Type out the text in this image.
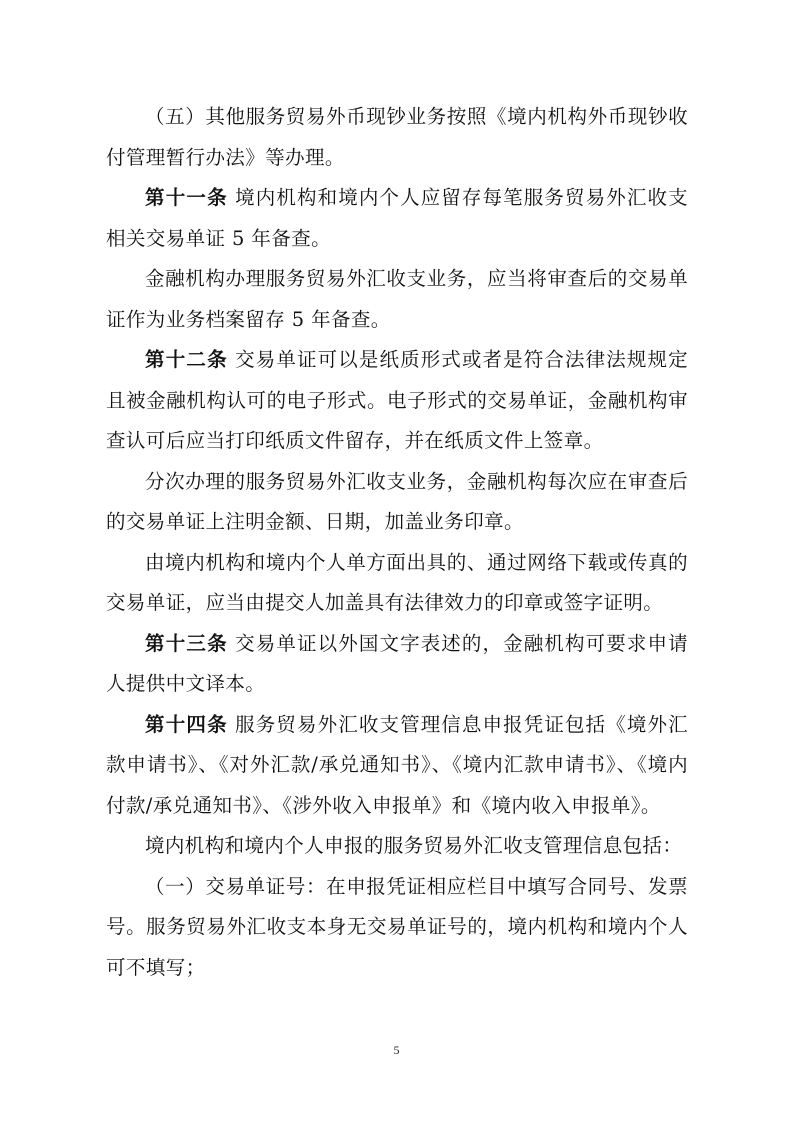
（五）其他服务贸易外币现钞业务按照《境内机构外币现钞收付管理暂行办法》等办理。

第十一条 境内机构和境内个人应留存每笔服务贸易外汇收支相关交易单证 5 年备查。

金融机构办理服务贸易外汇收支业务，应当将审查后的交易单证作为业务档案留存 5 年备查。

第十二条 交易单证可以是纸质形式或者是符合法律法规规定且被金融机构认可的电子形式。电子形式的交易单证，金融机构审查认可后应当打印纸质文件留存，并在纸质文件上签章。

分次办理的服务贸易外汇收支业务，金融机构每次应在审查后的交易单证上注明金额、日期，加盖业务印章。

由境内机构和境内个人单方面出具的、通过网络下载或传真的交易单证，应当由提交人加盖具有法律效力的印章或签字证明。

第十三条 交易单证以外国文字表述的，金融机构可要求申请人提供中文译本。

第十四条 服务贸易外汇收支管理信息申报凭证包括《境外汇款申请书》、《对外汇款/承兑通知书》、《境内汇款申请书》、《境内付款/承兑通知书》、《涉外收入申报单》和《境内收入申报单》。

境内机构和境内个人申报的服务贸易外汇收支管理信息包括：

（一）交易单证号：在申报凭证相应栏目中填写合同号、发票号。服务贸易外汇收支本身无交易单证号的，境内机构和境内个人可不填写；

5
